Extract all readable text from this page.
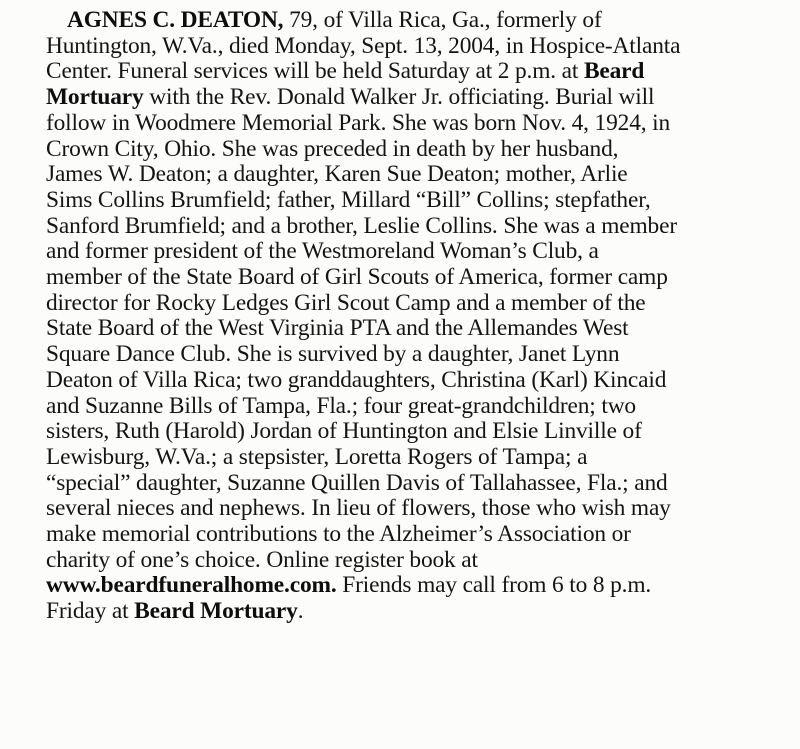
AGNES C. DEATON, 79, of Villa Rica, Ga., formerly of
Huntington, W.Va., died Monday, Sept. 13, 2004, in Hospice-Atlanta
Center. Funeral services will be held Saturday at 2 p.m. at Beard
Mortuary with the Rev. Donald Walker Jr. officiating. Burial will
follow in Woodmere Memorial Park. She was born Nov. 4, 1924, in
Crown City, Ohio. She was preceded in death by her husband,
James W. Deaton; a daughter, Karen Sue Deaton; mother, Arlie
Sims Collins Brumfield; father, Millard “Bill” Collins; stepfather,
Sanford Brumfield; and a brother, Leslie Collins. She was a member
and former president of the Westmoreland Woman’s Club, a
member of the State Board of Girl Scouts of America, former camp
director for Rocky Ledges Girl Scout Camp and a member of the
State Board of the West Virginia PTA and the Allemandes West
Square Dance Club. She is survived by a daughter, Janet Lynn
Deaton of Villa Rica; two granddaughters, Christina (Karl) Kincaid
and Suzanne Bills of Tampa, Fla.; four great-grandchildren; two
sisters, Ruth (Harold) Jordan of Huntington and Elsie Linville of
Lewisburg, W.Va.; a stepsister, Loretta Rogers of Tampa; a
“special” daughter, Suzanne Quillen Davis of Tallahassee, Fla.; and
several nieces and nephews. In lieu of flowers, those who wish may
make memorial contributions to the Alzheimer’s Association or
charity of one’s choice. Online register book at
www.beardfuneralhome.com. Friends may call from 6 to 8 p.m.
Friday at Beard Mortuary.
